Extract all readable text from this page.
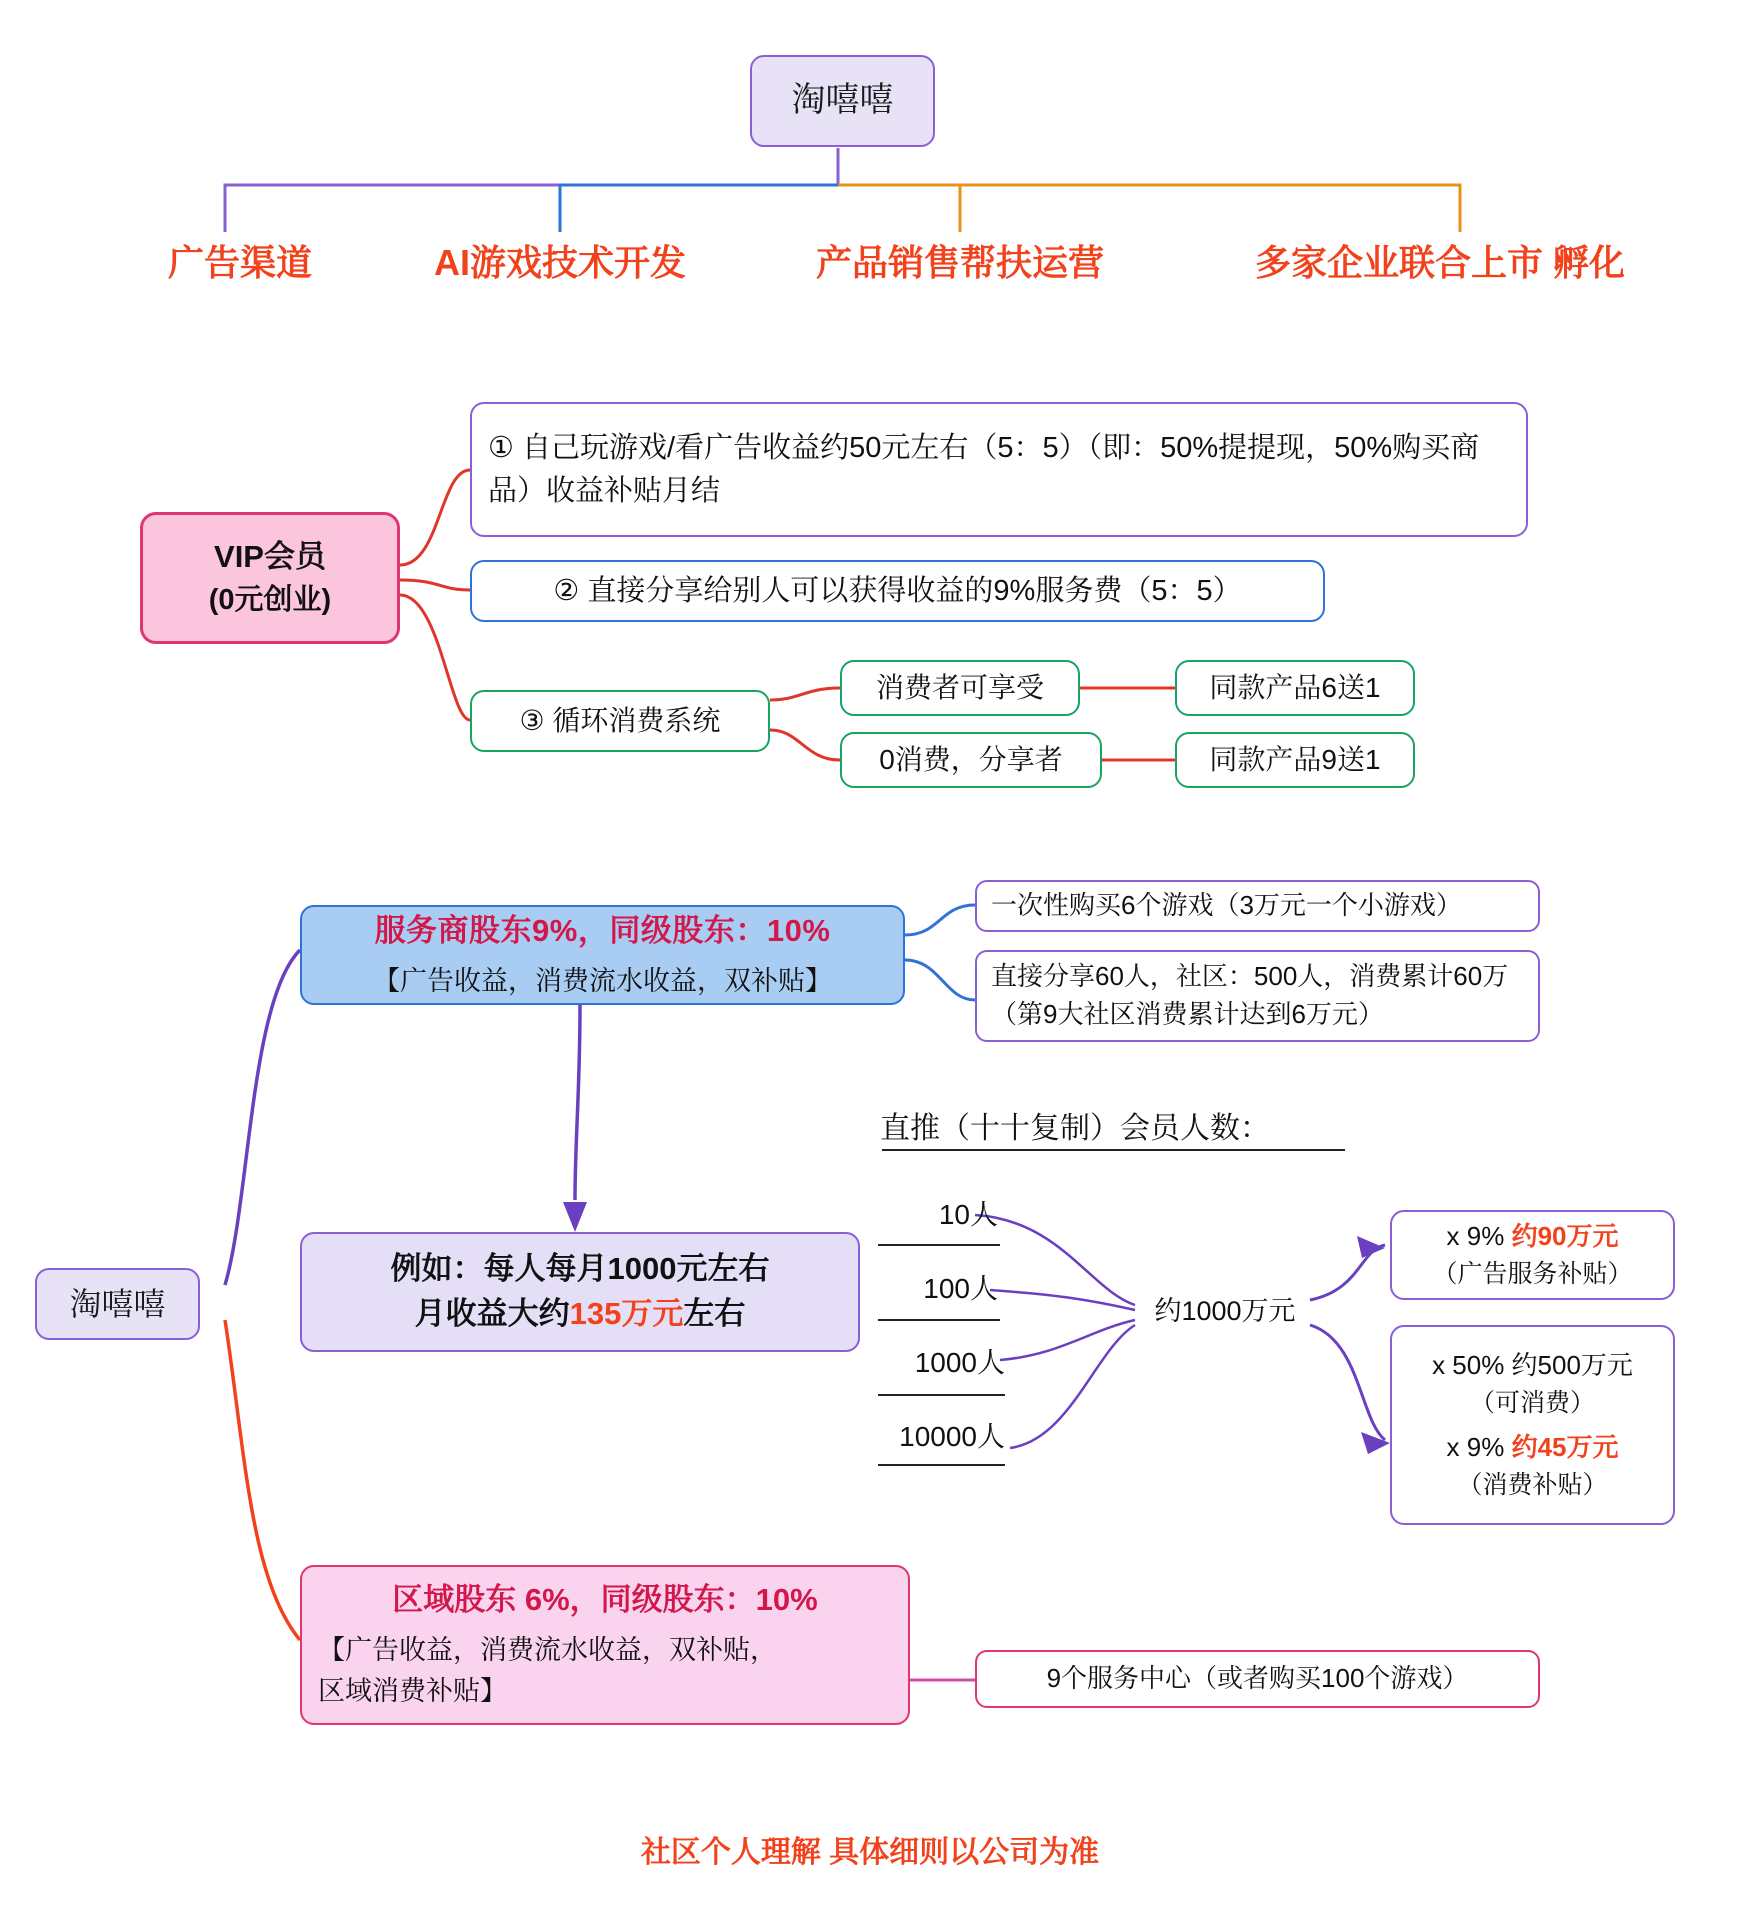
淘嘻嘻
广告渠道	AI游戏技术开发	产品销售帮扶运营	多家企业联合上市 孵化
VIP会员
(0元创业)
① 自己玩游戏/看广告收益约50元左右（5：5）（即：50%提提现，50%购买商品）收益补贴月结
② 直接分享给别人可以获得收益的9%服务费（5：5）
③ 循环消费系统
消费者可享受	同款产品6送1
0消费，分享者	同款产品9送1
淘嘻嘻
服务商股东9%，同级股东：10%
【广告收益，消费流水收益，双补贴】
一次性购买6个游戏（3万元一个小游戏）
直接分享60人，社区：500人，消费累计60万（第9大社区消费累计达到6万元）
例如：每人每月1000元左右
月收益大约135万元左右
直推（十十复制）会员人数：
10人
100人
1000人
10000人
约1000万元
x 9% 约90万元
（广告服务补贴）
x 50% 约500万元
（可消费）
x 9% 约45万元
（消费补贴）
区域股东 6%，同级股东：10%
【广告收益，消费流水收益，双补贴，
区域消费补贴】	9个服务中心（或者购买100个游戏）
社区个人理解 具体细则以公司为准
